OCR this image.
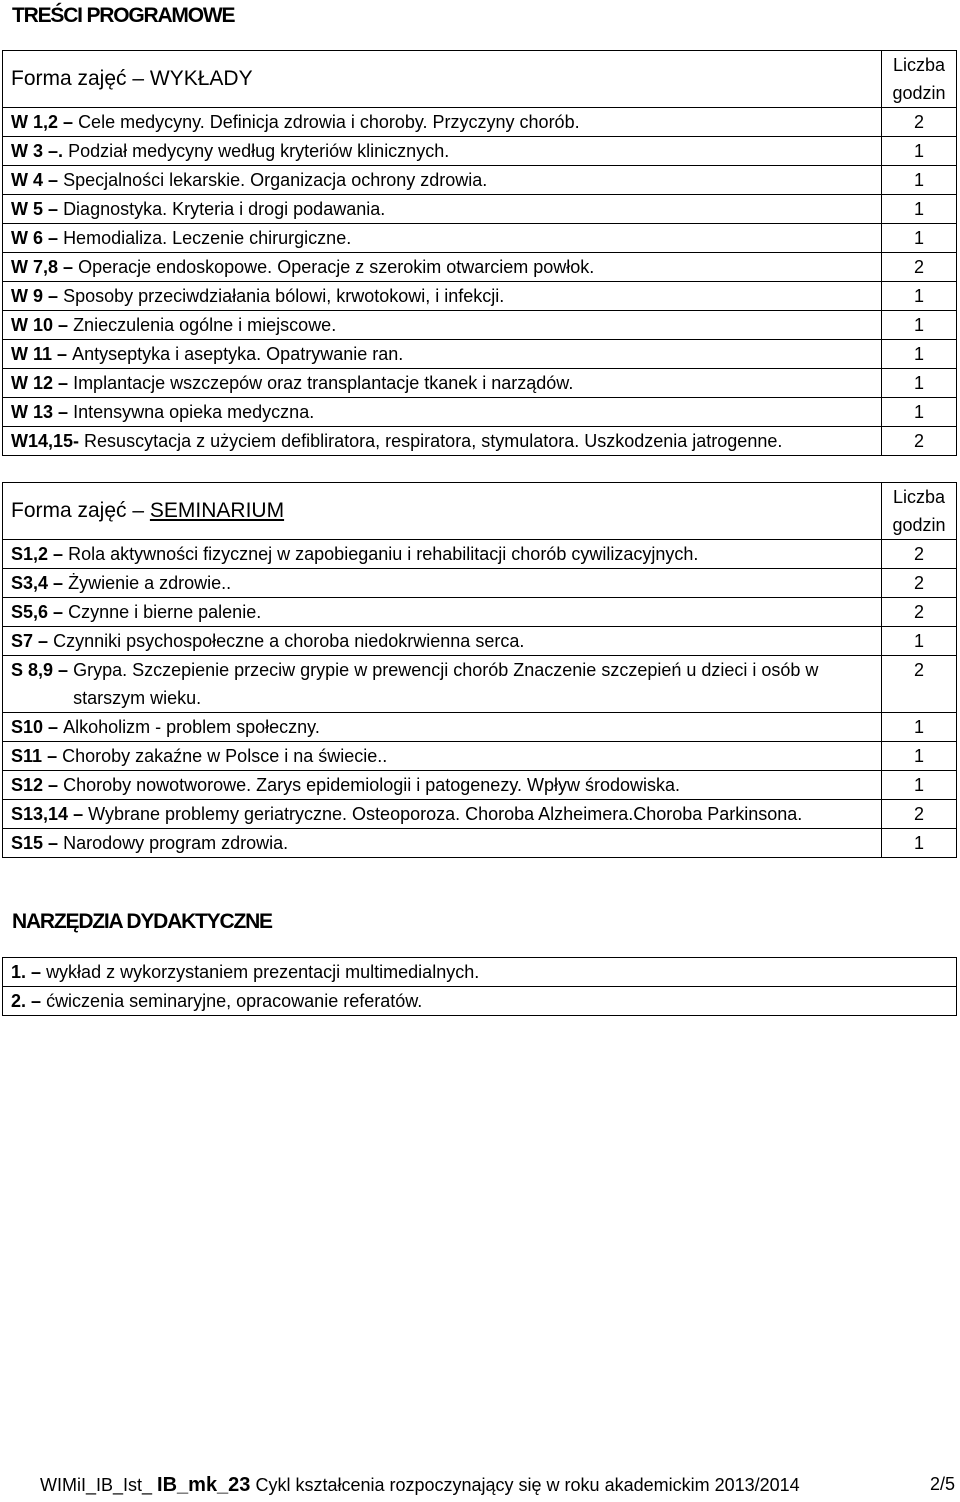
TREŚCI PROGRAMOWE
Forma zajęć – WYKŁADY	Liczba godzin

W 1,2 – Cele medycyny. Definicja zdrowia i choroby. Przyczyny chorób.	2

W 3 –. Podział medycyny według kryteriów klinicznych.	1

W 4 – Specjalności lekarskie. Organizacja ochrony zdrowia.	1

W 5 – Diagnostyka. Kryteria i drogi podawania.	1

W 6 – Hemodializa. Leczenie chirurgiczne.	1

W 7,8 – Operacje endoskopowe. Operacje z szerokim otwarciem powłok.	2

W 9 – Sposoby przeciwdziałania bólowi, krwotokowi, i infekcji.	1

W 10 – Znieczulenia ogólne i miejscowe.	1

W 11 – Antyseptyka i aseptyka. Opatrywanie ran.	1

W 12 – Implantacje wszczepów oraz transplantacje tkanek i narządów.	1

W 13 – Intensywna opieka medyczna.	1

W14,15- Resuscytacja z użyciem defibliratora, respiratora, stymulatora. Uszkodzenia jatrogenne.	2
Forma zajęć – SEMINARIUM	Liczba godzin

S1,2 – Rola aktywności fizycznej w zapobieganiu i rehabilitacji chorób cywilizacyjnych.	2

S3,4 – Żywienie a zdrowie..	2

S5,6 – Czynne i bierne palenie.	2

S7 – Czynniki psychospołeczne a choroba niedokrwienna serca.	1

S 8,9 – Grypa. Szczepienie przeciw grypie w prewencji chorób Znaczenie szczepień u dzieci i osób w starszym wieku.	2

S10 – Alkoholizm - problem społeczny.	1

S11 – Choroby zakaźne w Polsce i na świecie..	1

S12 – Choroby nowotworowe. Zarys epidemiologii i patogenezy. Wpływ środowiska.	1

S13,14 – Wybrane problemy geriatryczne. Osteoporoza. Choroba Alzheimera.Choroba Parkinsona.	2

S15 – Narodowy program zdrowia.	1
NARZĘDZIA DYDAKTYCZNE
1. – wykład z wykorzystaniem prezentacji multimedialnych.
2. – ćwiczenia seminaryjne, opracowanie referatów.
WIMiI_IB_Ist_ IB_mk_23 Cykl kształcenia rozpoczynający się w roku akademickim 2013/2014	2/5
